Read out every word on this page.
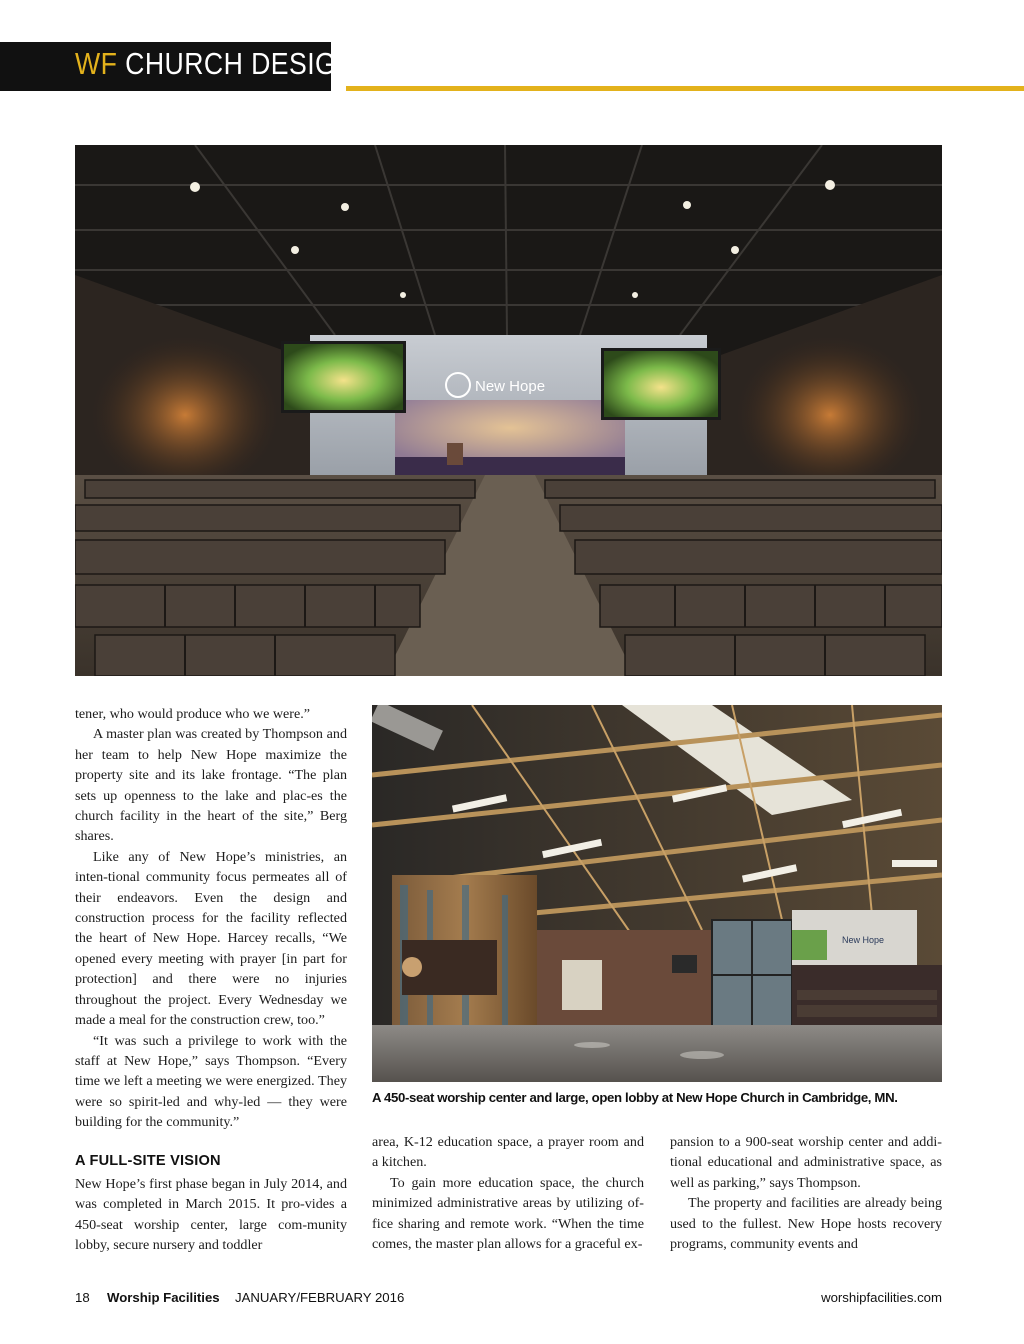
WF CHURCH DESIGN
New Hope
New Hope
A 450-seat worship center and large, open lobby at New Hope Church in Cambridge, MN.

tener, who would produce who we were.”

A master plan was created by Thompson and her team to help New Hope maximize the property site and its lake frontage. “The plan sets up openness to the lake and plac-es the church facility in the heart of the site,” Berg shares.

Like any of New Hope’s ministries, an inten-tional community focus permeates all of their endeavors. Even the design and construction process for the facility reflected the heart of New Hope. Harcey recalls, “We opened every meeting with prayer [in part for protection] and there were no injuries throughout the project. Every Wednesday we made a meal for the construction crew, too.”

“It was such a privilege to work with the staff at New Hope,” says Thompson. “Every time we left a meeting we were energized. They were so spirit-led and why-led — they were building for the community.”

A FULL-SITE VISION

New Hope’s first phase began in July 2014, and was completed in March 2015. It pro-vides a 450-seat worship center, large com-munity lobby, secure nursery and toddler

area, K-12 education space, a prayer room and a kitchen.

To gain more education space, the church minimized administrative areas by utilizing of-fice sharing and remote work. “When the time comes, the master plan allows for a graceful ex-

pansion to a 900-seat worship center and addi-tional educational and administrative space, as well as parking,” says Thompson.

The property and facilities are already being used to the fullest. New Hope hosts recovery programs, community events and

18 Worship Facilities JANUARY/FEBRUARY 2016	worshipfacilities.com
